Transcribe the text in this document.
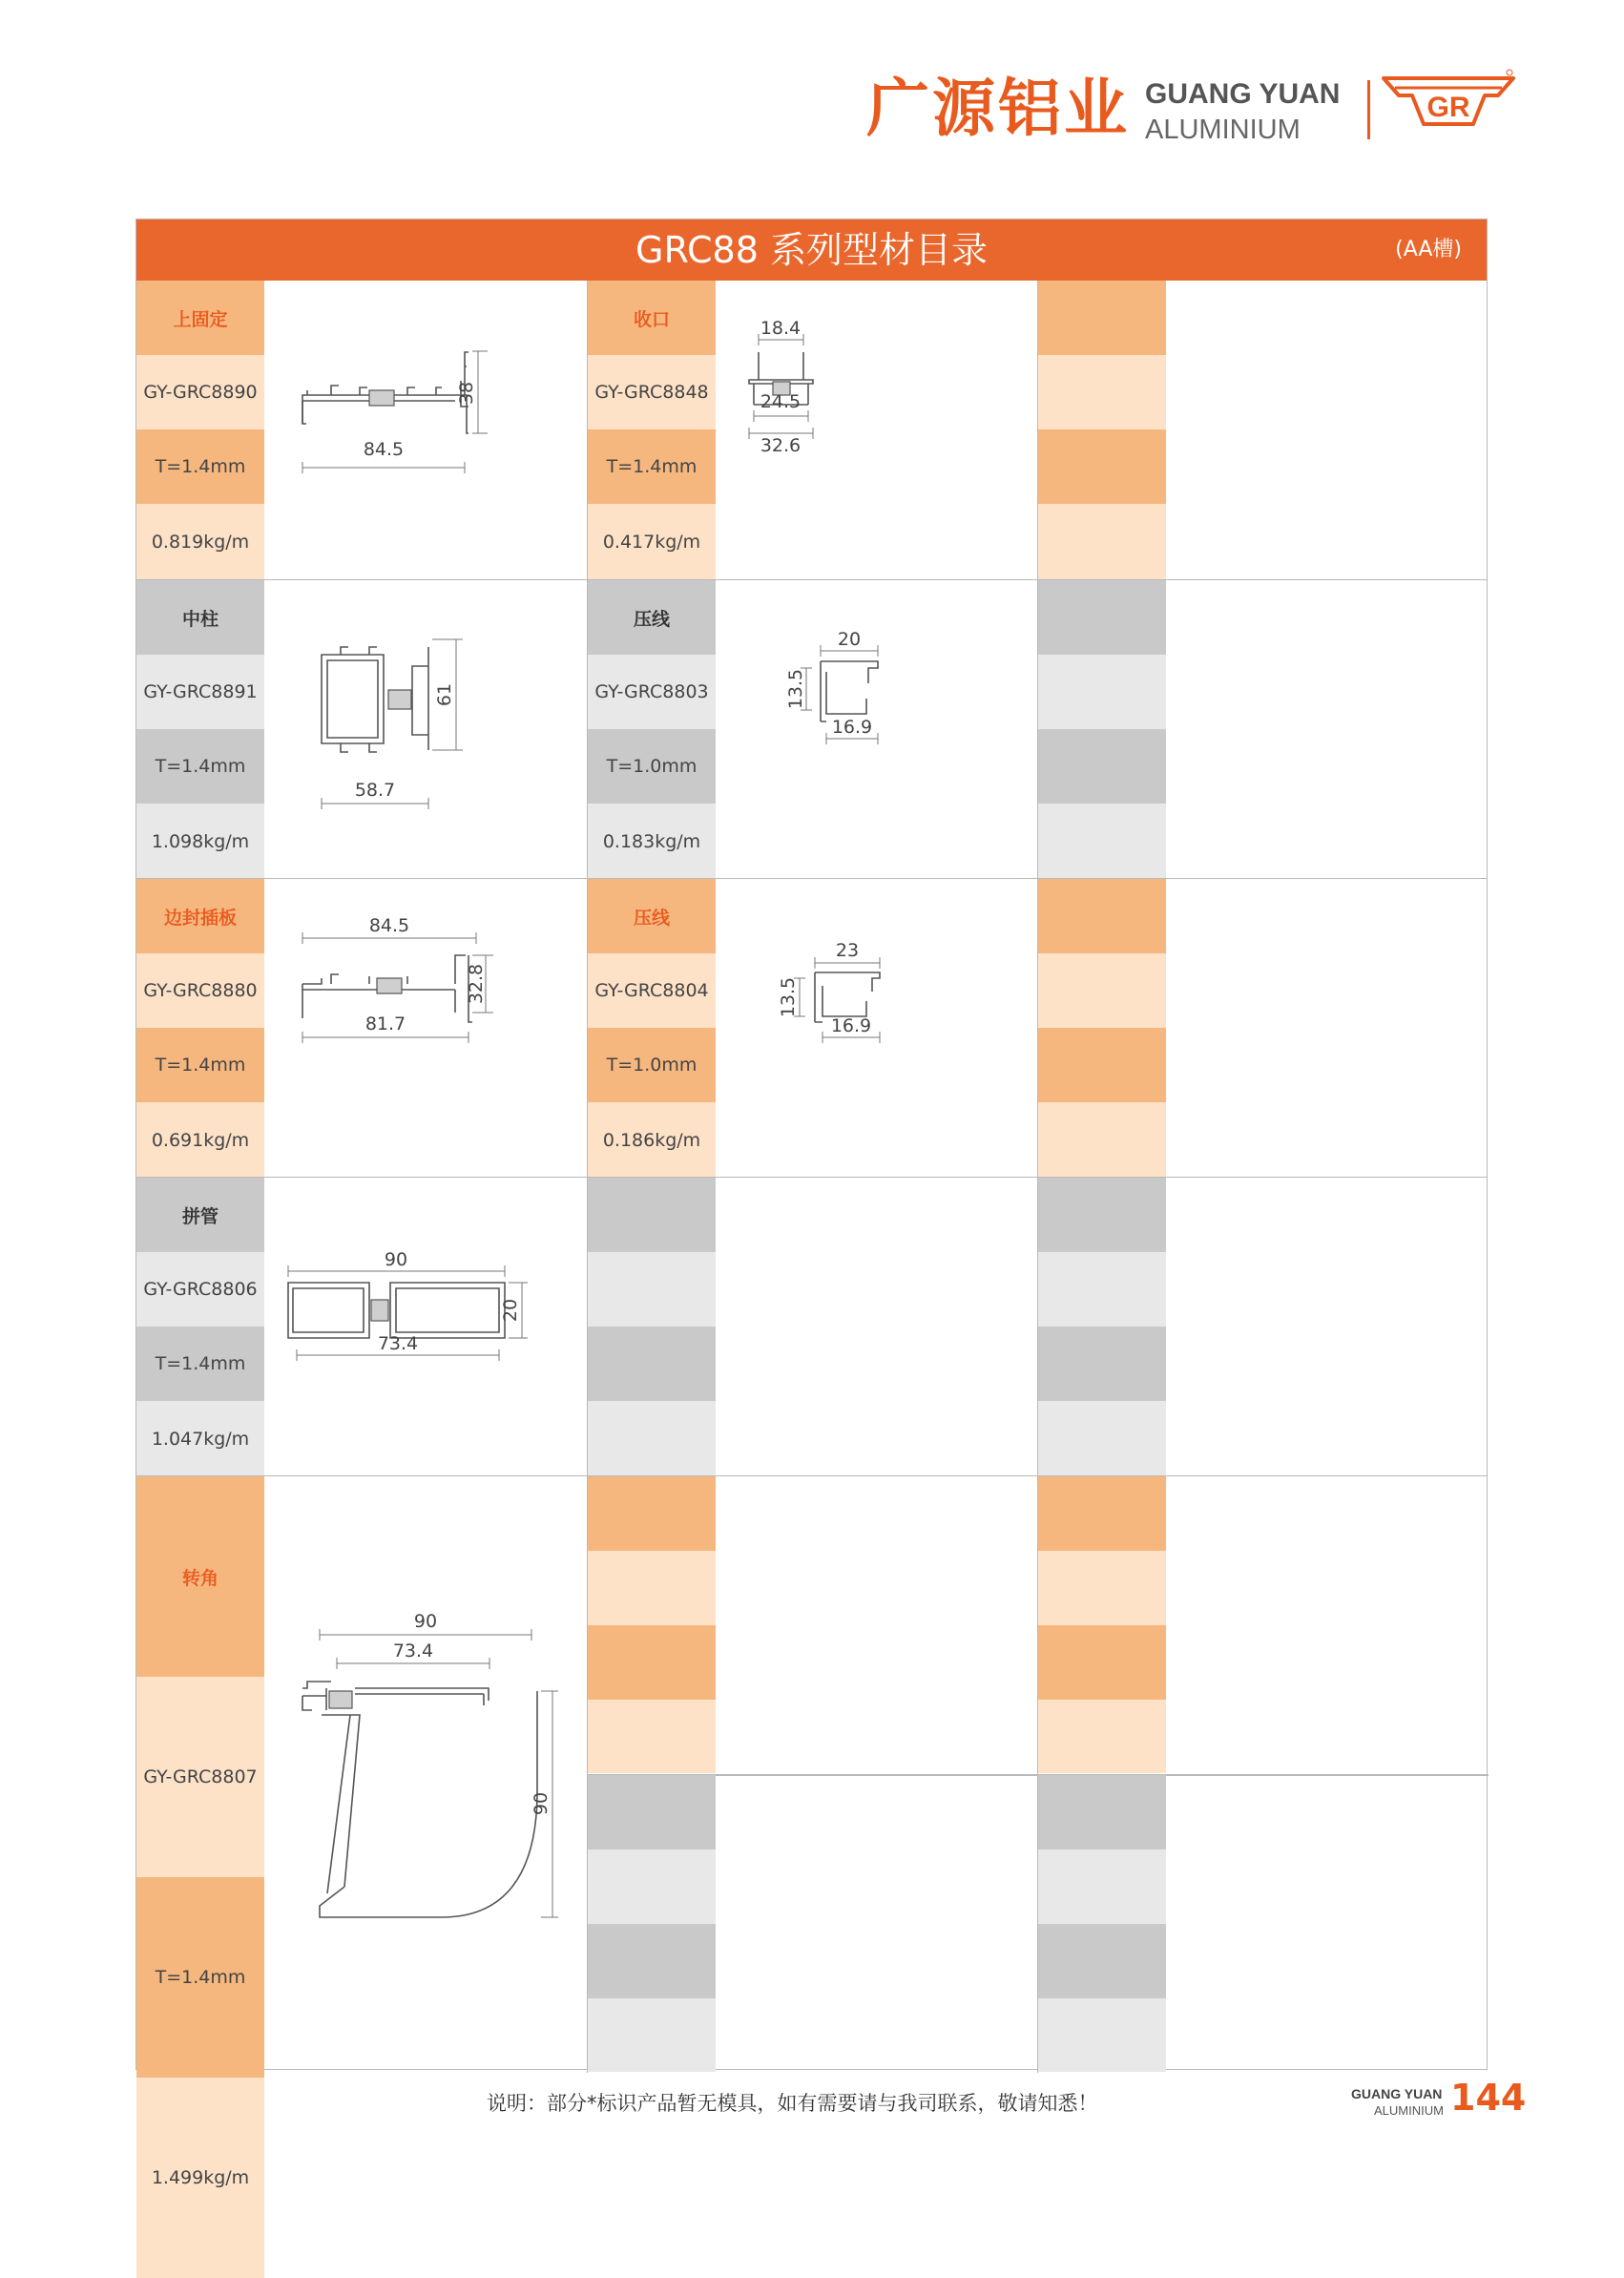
广源铝业 GUANG YUAN
ALUMINIUM
GR
GRC88 系列型材目录	(AA槽)
上固定
GY-GRC8890
T=1.4mm
0.819kg/m
84.5
38
收口
GY-GRC8848
T=1.4mm
0.417kg/m
18.4
24.5
32.6
中柱
GY-GRC8891
T=1.4mm
1.098kg/m
58.7
61
压线
GY-GRC8803
T=1.0mm
0.183kg/m
20
13.5
16.9
边封插板
GY-GRC8880
T=1.4mm
0.691kg/m
84.5
81.7
32.8
压线
GY-GRC8804
T=1.0mm
0.186kg/m
23
13.5
16.9
拼管
GY-GRC8806
T=1.4mm
1.047kg/m
90
73.4
20
转角
GY-GRC8807
T=1.4mm
1.499kg/m
90
73.4
90
说明：部分*标识产品暂无模具，如有需要请与我司联系，敬请知悉！	GUANG YUAN
ALUMINIUM 144
